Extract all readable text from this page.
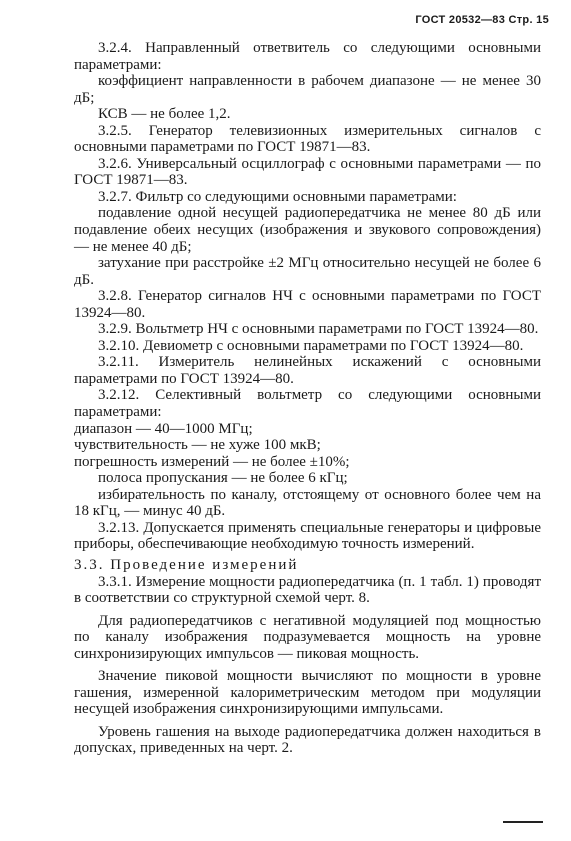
ГОСТ 20532—83 Стр. 15

3.2.4. Направленный ответвитель со следующими основными параметрами:

коэффициент направленности в рабочем диапазоне — не менее 30 дБ;

КСВ — не более 1,2.

3.2.5. Генератор телевизионных измерительных сигналов с основными параметрами по ГОСТ 19871—83.

3.2.6. Универсальный осциллограф с основными параметрами — по ГОСТ 19871—83.

3.2.7. Фильтр со следующими основными параметрами:

подавление одной несущей радиопередатчика не менее 80 дБ или подавление обеих несущих (изображения и звукового сопровождения) — не менее 40 дБ;

затухание при расстройке ±2 МГц относительно несущей не более 6 дБ.

3.2.8. Генератор сигналов НЧ с основными параметрами по ГОСТ 13924—80.

3.2.9. Вольтметр НЧ с основными параметрами по ГОСТ 13924—80.

3.2.10. Девиометр с основными параметрами по ГОСТ 13924—80.

3.2.11. Измеритель нелинейных искажений с основными параметрами по ГОСТ 13924—80.

3.2.12. Селективный вольтметр со следующими основными параметрами:

диапазон — 40—1000 МГц;

чувствительность — не хуже 100 мкВ;

погрешность измерений — не более ±10%;

полоса пропускания — не более 6 кГц;

избирательность по каналу, отстоящему от основного более чем на 18 кГц, — минус 40 дБ.

3.2.13. Допускается применять специальные генераторы и цифровые приборы, обеспечивающие необходимую точность измерений.

3.3. Проведение измерений

3.3.1. Измерение мощности радиопередатчика (п. 1 табл. 1) проводят в соответствии со структурной схемой черт. 8.

Для радиопередатчиков с негативной модуляцией под мощностью по каналу изображения подразумевается мощность на уровне синхронизирующих импульсов — пиковая мощность.

Значение пиковой мощности вычисляют по мощности в уровне гашения, измеренной калориметрическим методом при модуляции несущей изображения синхронизирующими импульсами.

Уровень гашения на выходе радиопередатчика должен находиться в допусках, приведенных на черт. 2.
